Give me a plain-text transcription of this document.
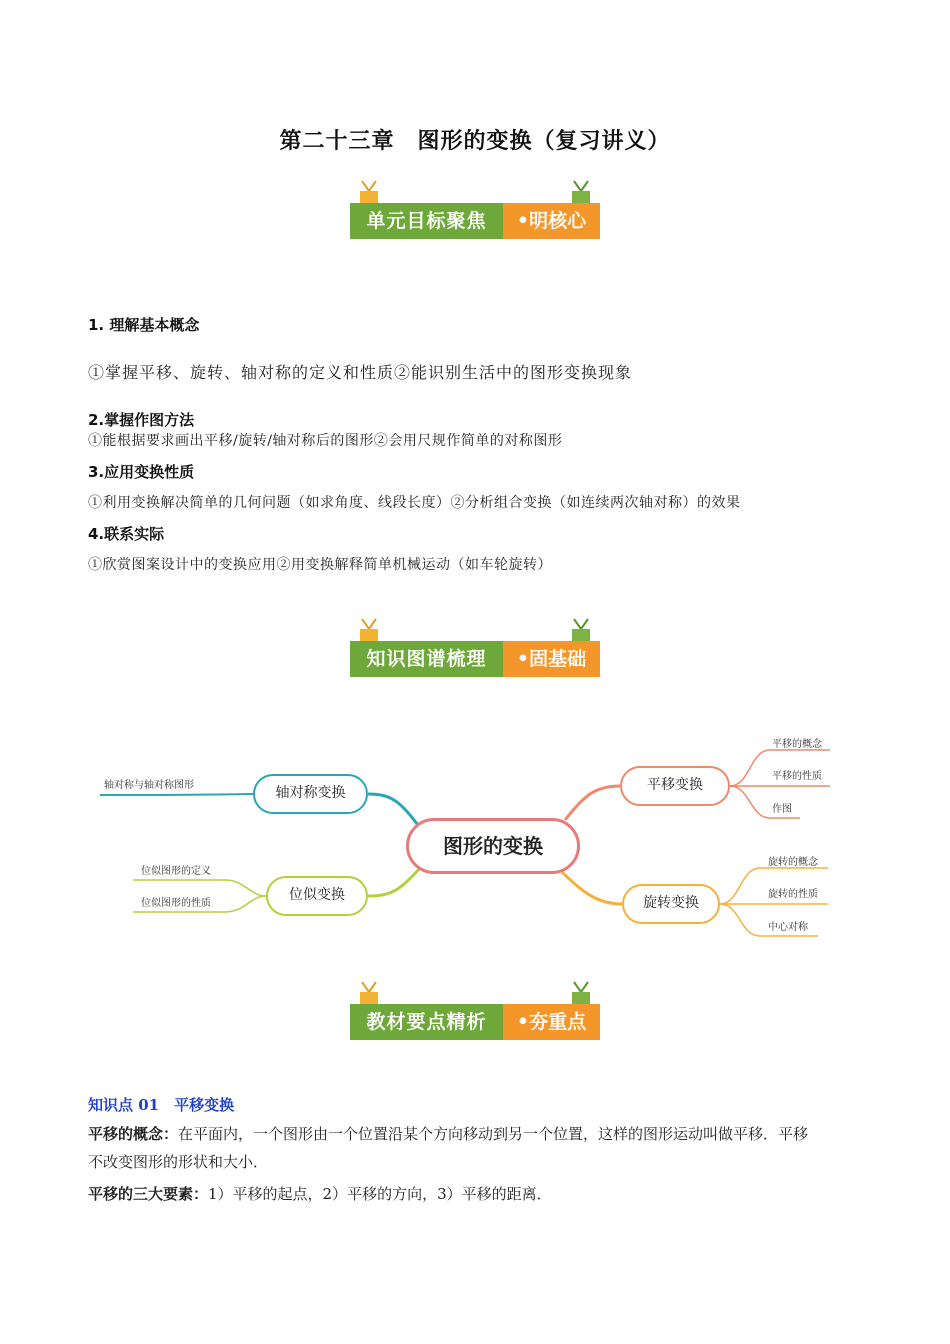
第二十三章　图形的变换（复习讲义）
单元目标聚焦	•明核心
1. 理解基本概念
①掌握平移、旋转、轴对称的定义和性质②能识别生活中的图形变换现象
2.掌握作图方法
①能根据要求画出平移/旋转/轴对称后的图形②会用尺规作简单的对称图形
3.应用变换性质
①利用变换解决简单的几何问题（如求角度、线段长度）②分析组合变换（如连续两次轴对称）的效果
4.联系实际
①欣赏图案设计中的变换应用②用变换解释简单机械运动（如车轮旋转）
知识图谱梳理	•固基础
图形的变换
轴对称变换
轴对称与轴对称图形
位似变换
位似图形的定义
位似图形的性质
平移变换
平移的概念
平移的性质
作图
旋转变换
旋转的概念
旋转的性质
中心对称
教材要点精析	•夯重点
知识点 01　平移变换
平移的概念：在平面内，一个图形由一个位置沿某个方向移动到另一个位置，这样的图形运动叫做平移．平移
不改变图形的形状和大小．
平移的三大要素：1）平移的起点，2）平移的方向，3）平移的距离．
